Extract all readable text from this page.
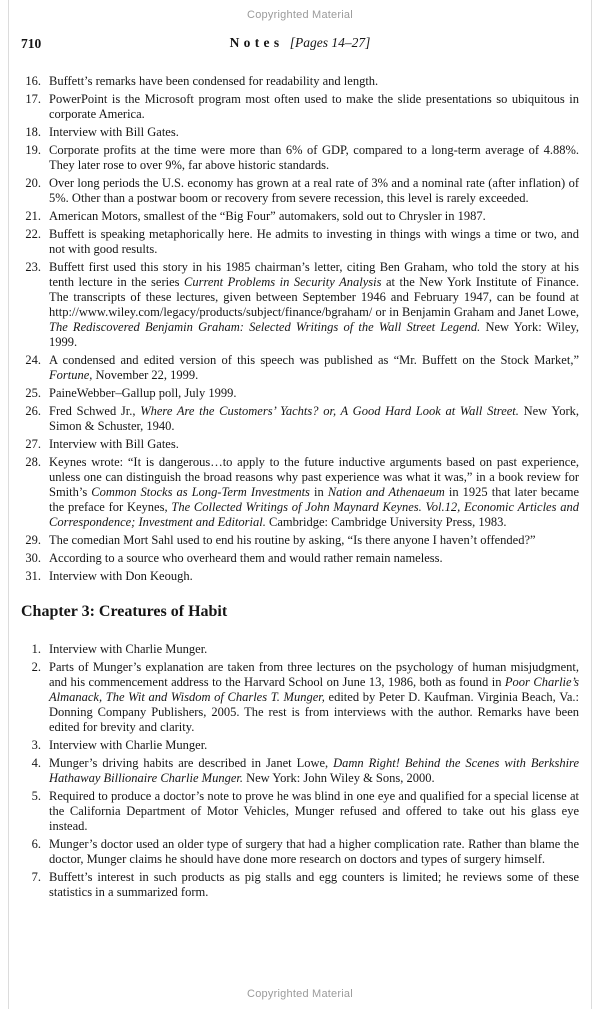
Copyrighted Material
710	Notes [Pages 14–27]
16. Buffett’s remarks have been condensed for readability and length.
17. PowerPoint is the Microsoft program most often used to make the slide presentations so ubiquitous in corporate America.
18. Interview with Bill Gates.
19. Corporate profits at the time were more than 6% of GDP, compared to a long-term average of 4.88%. They later rose to over 9%, far above historic standards.
20. Over long periods the U.S. economy has grown at a real rate of 3% and a nominal rate (after inflation) of 5%. Other than a postwar boom or recovery from severe recession, this level is rarely exceeded.
21. American Motors, smallest of the “Big Four” automakers, sold out to Chrysler in 1987.
22. Buffett is speaking metaphorically here. He admits to investing in things with wings a time or two, and not with good results.
23. Buffett first used this story in his 1985 chairman’s letter, citing Ben Graham, who told the story at his tenth lecture in the series Current Problems in Security Analysis at the New York Institute of Finance. The transcripts of these lectures, given between September 1946 and February 1947, can be found at http://www.wiley.com/legacy/products/subject/finance/bgraham/ or in Benjamin Graham and Janet Lowe, The Rediscovered Benjamin Graham: Selected Writings of the Wall Street Legend. New York: Wiley, 1999.
24. A condensed and edited version of this speech was published as “Mr. Buffett on the Stock Market,” Fortune, November 22, 1999.
25. PaineWebber–Gallup poll, July 1999.
26. Fred Schwed Jr., Where Are the Customers’ Yachts? or, A Good Hard Look at Wall Street. New York, Simon & Schuster, 1940.
27. Interview with Bill Gates.
28. Keynes wrote: “It is dangerous…to apply to the future inductive arguments based on past experience, unless one can distinguish the broad reasons why past experience was what it was,” in a book review for Smith’s Common Stocks as Long-Term Investments in Nation and Athenaeum in 1925 that later became the preface for Keynes, The Collected Writings of John Maynard Keynes. Vol.12, Economic Articles and Correspondence; Investment and Editorial. Cambridge: Cambridge University Press, 1983.
29. The comedian Mort Sahl used to end his routine by asking, “Is there anyone I haven’t offended?”
30. According to a source who overheard them and would rather remain nameless.
31. Interview with Don Keough.
Chapter 3: Creatures of Habit
1. Interview with Charlie Munger.
2. Parts of Munger’s explanation are taken from three lectures on the psychology of human misjudgment, and his commencement address to the Harvard School on June 13, 1986, both as found in Poor Charlie’s Almanack, The Wit and Wisdom of Charles T. Munger, edited by Peter D. Kaufman. Virginia Beach, Va.: Donning Company Publishers, 2005. The rest is from interviews with the author. Remarks have been edited for brevity and clarity.
3. Interview with Charlie Munger.
4. Munger’s driving habits are described in Janet Lowe, Damn Right! Behind the Scenes with Berkshire Hathaway Billionaire Charlie Munger. New York: John Wiley & Sons, 2000.
5. Required to produce a doctor’s note to prove he was blind in one eye and qualified for a special license at the California Department of Motor Vehicles, Munger refused and offered to take out his glass eye instead.
6. Munger’s doctor used an older type of surgery that had a higher complication rate. Rather than blame the doctor, Munger claims he should have done more research on doctors and types of surgery himself.
7. Buffett’s interest in such products as pig stalls and egg counters is limited; he reviews some of these statistics in a summarized form.
Copyrighted Material
